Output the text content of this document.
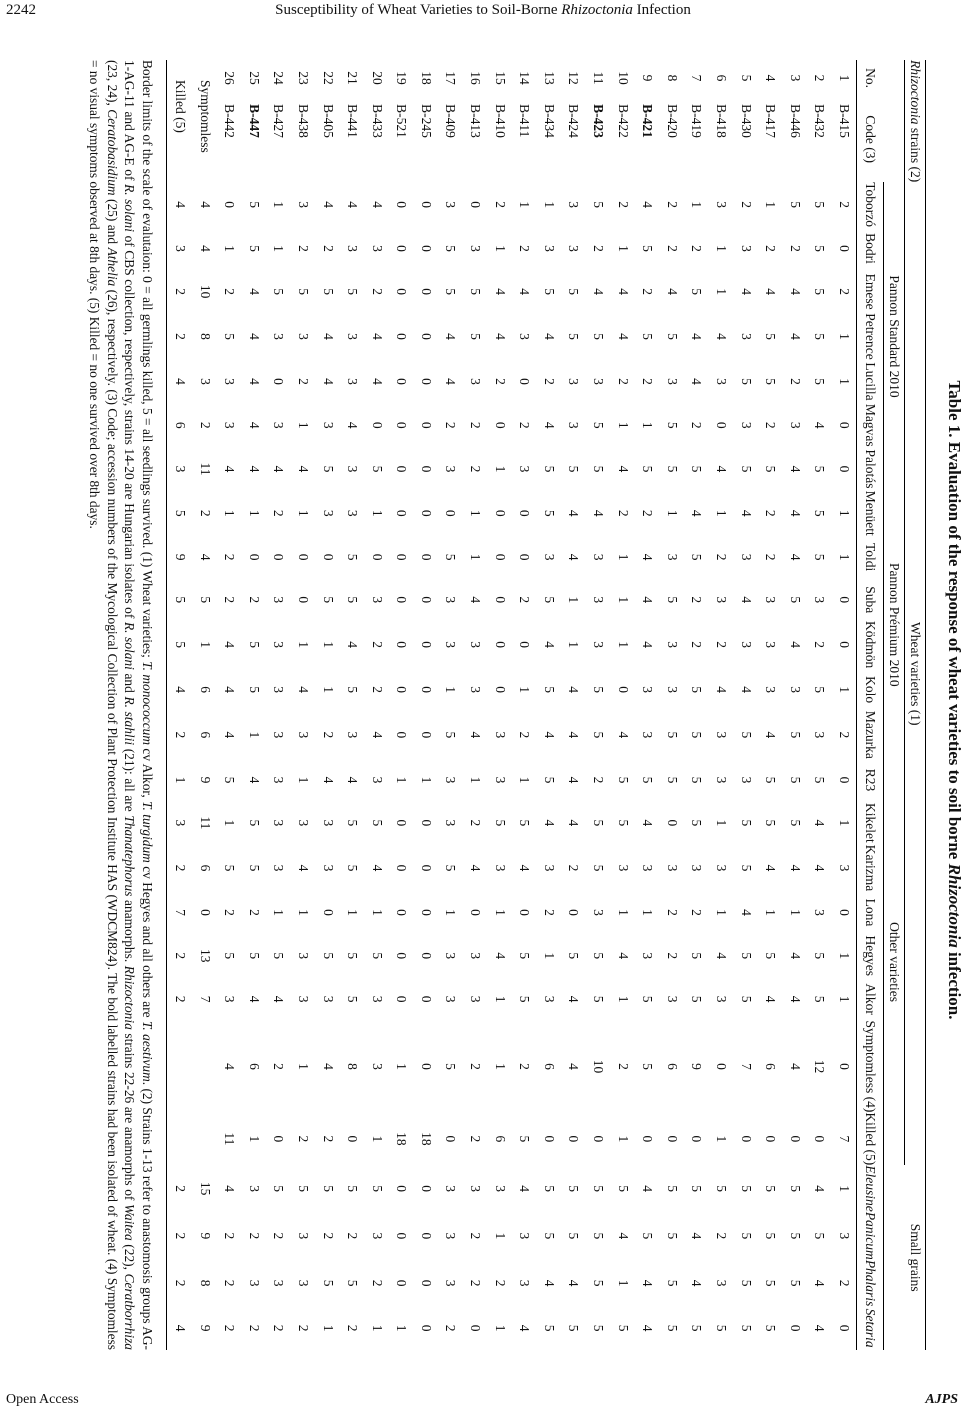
2242	Susceptibility of Wheat Varieties to Soil-Borne Rhizoctonia Infection
Table 1. Evaluation of the response of wheat varieties to soil borne Rhizoctonia infection.
Rhizoctonia strains (2)		Wheat varieties (1)																					Small grains			
		Pannon Standard 2010							Pannon Prémium 2010						Other varieties											
No.	Code (3)	Toborzó	Bodri	Emese	Petrence	Lucilla	Magvas	Palotás	Menüett	Toldi	Suba	Ködmön	Kolo	Mazurka	R23	Kikelet	Karizma	Lona	Hegyes	Alkor	Symptomless (4)	Killed (5)	Eleusine	Panicum	Phalaris	Setaria
1	B-415	2	0	2	1	1	0	0	1	1	0	0	1	2	0	1	3	0	1	1	0	7	1	3	2	0
2	B-432	5	5	5	5	5	4	5	5	5	3	2	5	3	5	4	4	3	5	5	12	0	4	5	4	4
3	B-446	5	2	4	4	2	3	4	4	4	5	4	3	5	5	5	4	1	4	4	4	0	5	5	5	0
4	B-417	1	2	4	5	5	2	5	2	2	3	3	3	4	5	5	4	1	5	4	6	0	5	5	5	5
5	B-430	2	3	4	3	5	3	5	4	3	4	3	4	5	3	5	5	4	5	5	7	0	5	5	5	5
6	B-418	3	1	1	4	3	0	4	1	2	3	2	4	3	3	1	3	1	4	3	0	1	5	2	3	5
7	B-419	1	2	5	4	4	2	5	4	5	2	2	5	5	5	5	3	2	5	5	9	0	5	4	4	5
8	B-420	2	2	4	5	3	5	5	1	3	5	3	3	5	5	0	3	2	2	3	6	0	5	5	5	5
9	B-421	4	5	2	5	2	1	5	2	4	4	4	3	3	5	4	3	1	3	5	5	0	4	5	4	4
10	B-422	2	1	4	4	2	1	4	2	1	1	1	0	4	5	5	3	1	4	1	2	1	5	4	1	5
11	B-423	5	2	4	5	3	5	5	4	3	3	3	5	5	2	5	5	3	5	5	10	0	5	5	5	5
12	B-424	3	3	5	5	3	3	5	4	4	1	1	4	4	4	4	2	0	5	4	4	0	5	5	4	5
13	B-434	1	3	5	4	2	4	5	5	3	5	4	5	4	5	4	3	2	1	3	6	0	5	5	4	5
14	B-411	1	2	4	3	0	2	3	0	0	2	0	1	2	1	5	4	0	5	5	2	5	4	3	3	4
15	B-410	2	1	4	4	2	0	1	0	0	0	0	0	3	3	5	3	1	4	1	1	6	3	1	2	1
16	B-413	0	3	5	5	3	2	2	1	1	4	3	3	4	1	2	4	0	3	3	2	2	3	2	2	0
17	B-409	3	5	5	4	4	2	3	0	5	3	3	1	5	3	3	5	1	3	3	5	0	3	3	3	2
18	B-245	0	0	0	0	0	0	0	0	0	0	0	0	0	1	0	0	0	0	0	0	18	0	0	0	0
19	B-521	0	0	0	0	0	0	0	0	0	0	0	0	0	1	0	0	0	0	0	1	18	0	0	0	1
20	B-433	4	3	2	4	4	0	5	1	0	3	2	2	4	3	5	4	1	5	3	3	1	5	3	2	1
21	B-441	4	3	5	3	3	4	3	3	5	5	4	5	3	4	5	5	1	5	5	8	0	5	2	5	2
22	B-405	4	2	5	4	4	3	5	3	0	5	1	1	2	4	3	3	0	5	3	4	2	5	2	5	1
23	B-438	3	2	5	3	2	1	4	1	0	0	1	4	3	1	3	4	1	3	3	1	2	5	3	3	2
24	B-427	1	1	5	3	0	3	4	2	0	3	3	3	3	3	3	3	1	5	4	2	0	5	2	3	2
25	B-447	5	5	4	4	4	4	4	1	0	2	5	5	1	4	5	5	2	5	4	6	1	3	2	3	2
26	B-442	0	1	2	5	3	3	4	1	2	2	4	4	4	5	1	5	2	5	3	4	11	4	2	2	2
Symptomless		4	4	10	8	3	2	11	2	4	5	1	6	6	9	11	6	0	13	7			15	9	8	9
Killed (5)		4	3	2	2	4	6	3	5	9	5	5	4	2	1	3	2	7	2	2			2	2	2	4
Border limits of the scale of evalutaion: 0 = all germlings killed, 5 = all seedlings survived. (1) Wheat varieties; T. monococcum cv Alkor, T. turgidum cv Hegyes and all others are T. aestivum. (2) Strains 1-13 refer to anastomosis groups AG-1-AG-11 and AG-E of R. solani of CBS collection, respectively, strains 14-20 are Hungarian isolates of R. solani and R. stahlii (21): all are Thanatephorus anamorphs. Rhizoctonia strains 22-26 are anamorphs of Waitea (22), Ceratborrhiza (23, 24), Ceratobasidium (25) and Athelia (26), respectively. (3) Code; accession numbers of the Mycological Collection of Plant Protection Institute HAS (WDCM824). The bold labelled strains had been isolated of wheat. (4) Symptomless = no visual symptoms observed at 8th days. (5) Killed = no one survived over 8th days.
Open Access	AJPS
